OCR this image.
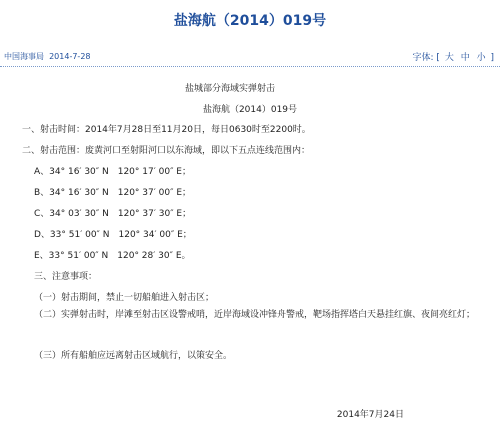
盐海航（2014）019号
中国海事局 2014-7-28	字体: [ 大 中 小 ]
盐城部分海域实弹射击
盐海航（2014）019号
一、射击时间：2014年7月28日至11月20日，每日0630时至2200时。
二、射击范围：废黄河口至射阳河口以东海域，即以下五点连线范围内：
A、34° 16′ 30″ N　120° 17′ 00″ E；
B、34° 16′ 30″ N　120° 37′ 00″ E；
C、34° 03′ 30″ N　120° 37′ 30″ E；
D、33° 51′ 00″ N　120° 34′ 00″ E；
E、33° 51′ 00″ N　120° 28′ 30″ E。
三、注意事项：
（一）射击期间，禁止一切船舶进入射击区；
（二）实弹射击时，岸滩至射击区设警戒哨，近岸海域设冲锋舟警戒，靶场指挥塔白天悬挂红旗、夜间亮红灯；
（三）所有船舶应远离射击区域航行，以策安全。
2014年7月24日
